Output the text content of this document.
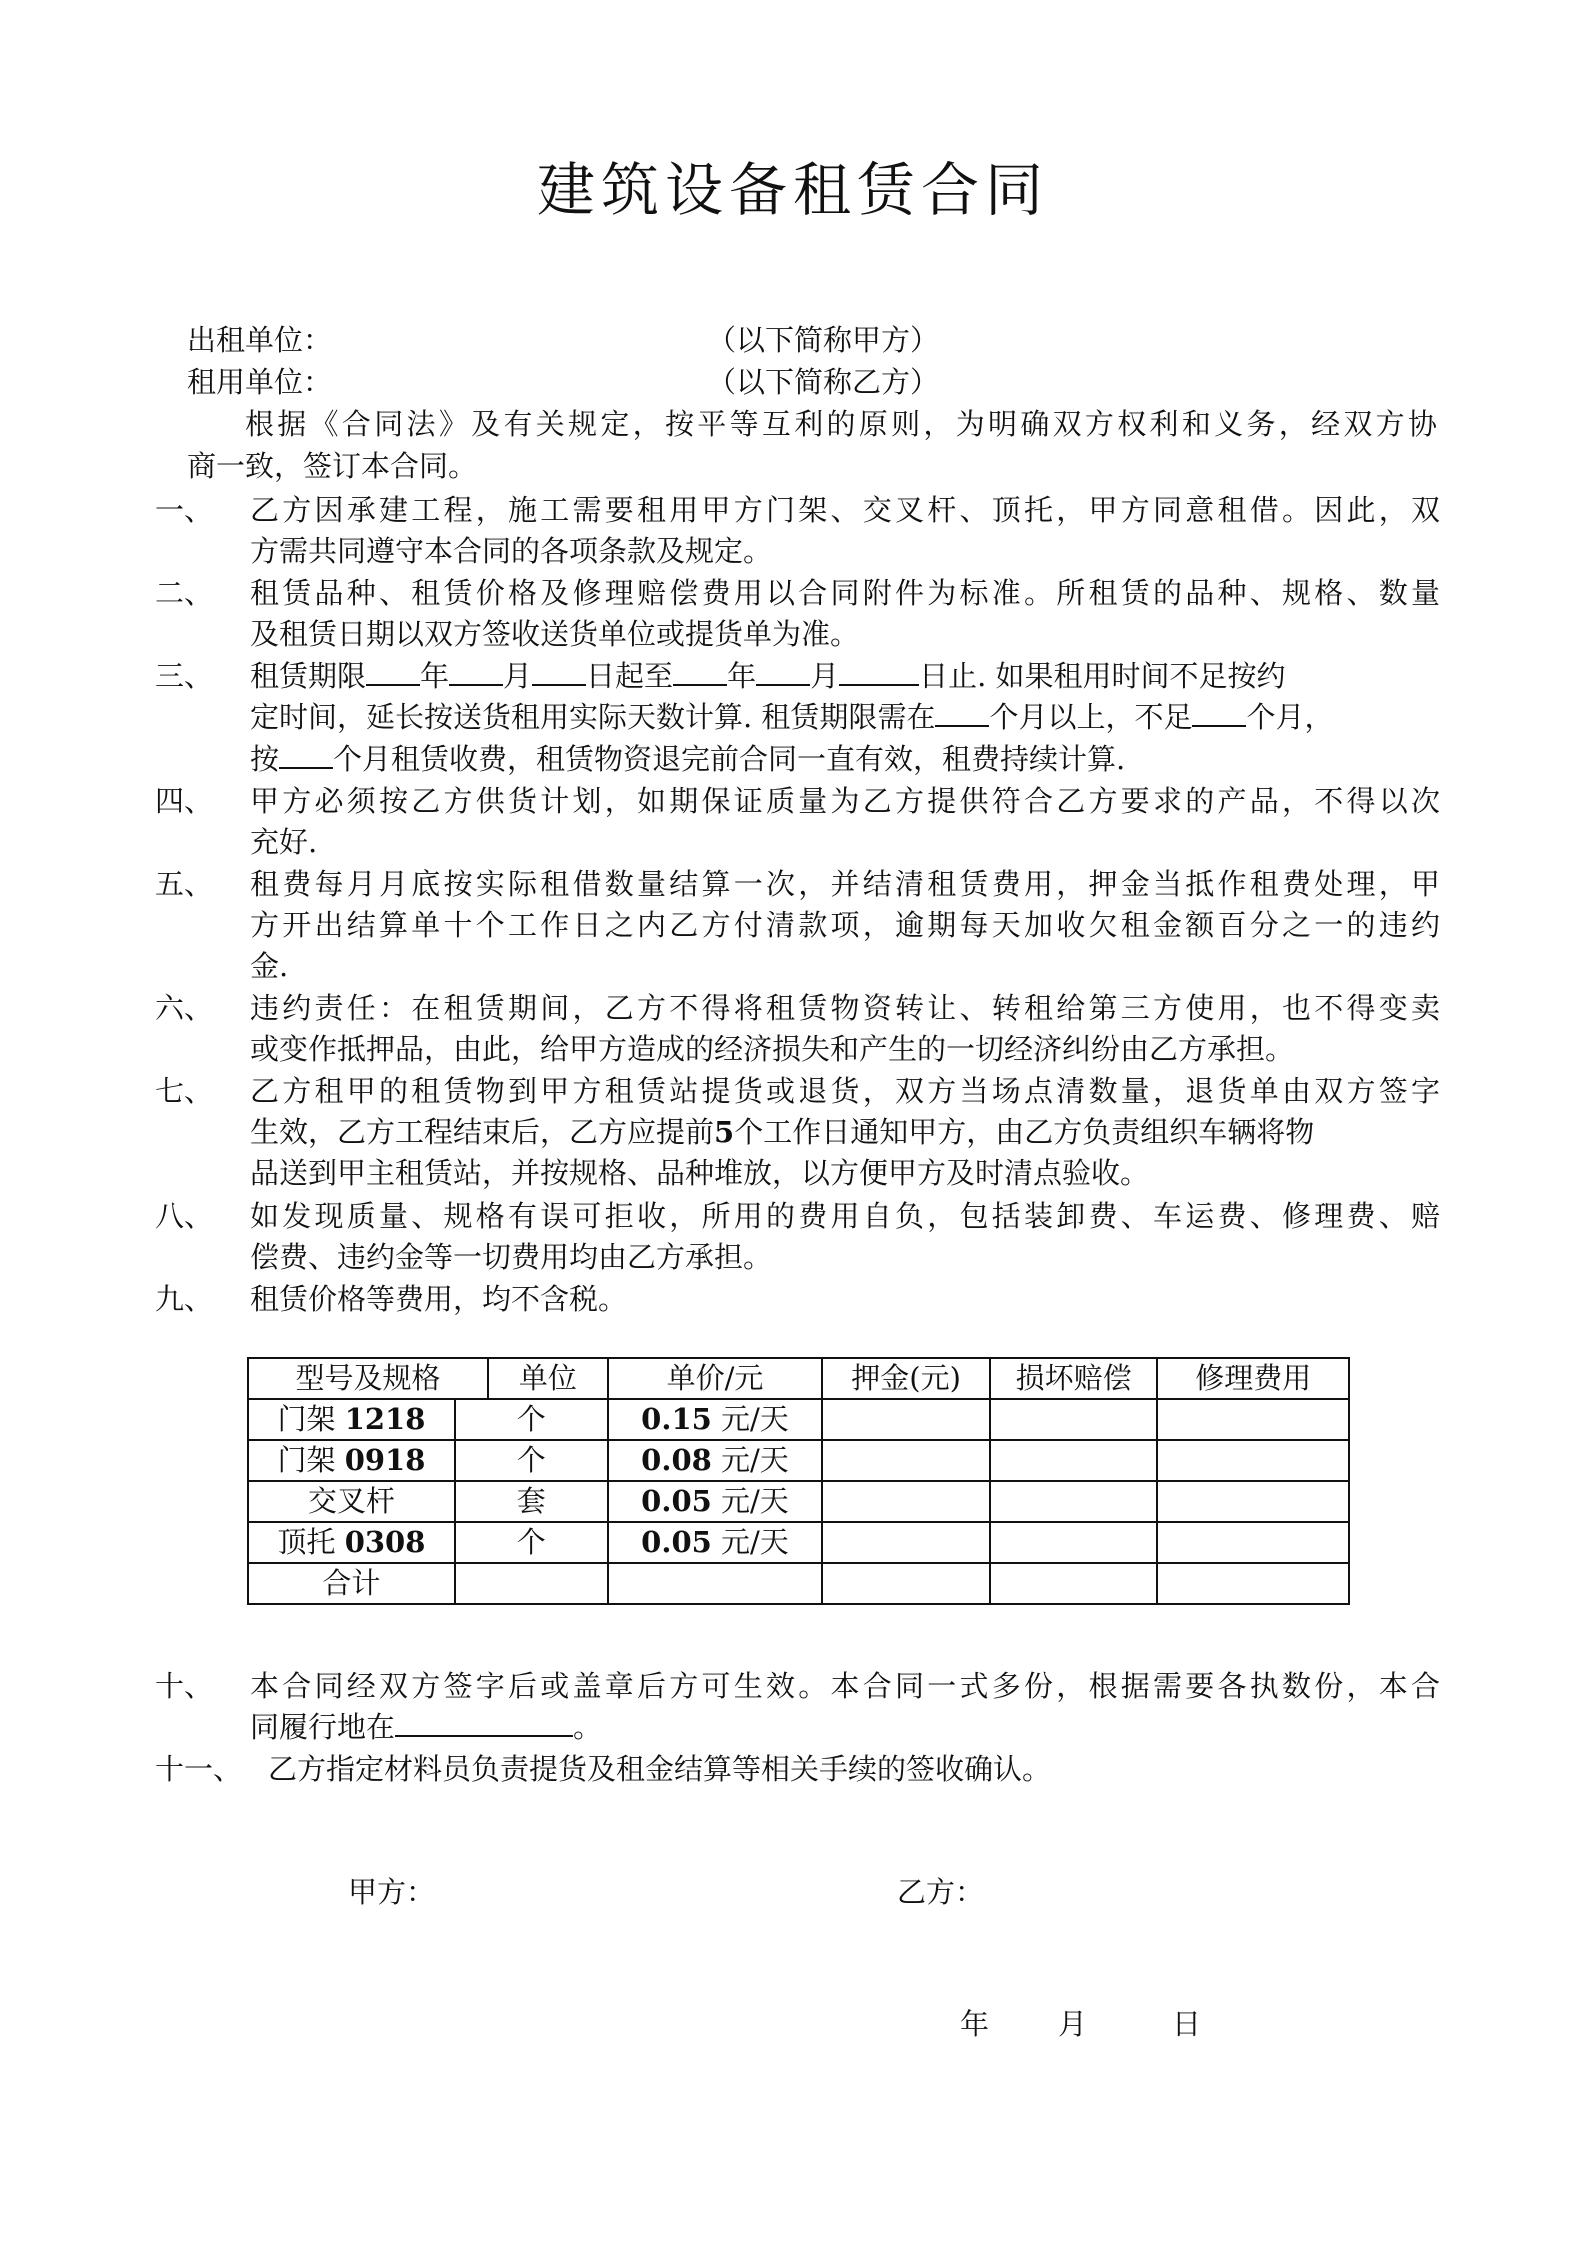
建筑设备租赁合同
出租单位：	（以下简称甲方）
租用单位：	（以下简称乙方）
根据《合同法》及有关规定，按平等互利的原则，为明确双方权利和义务，经双方协
商一致，签订本合同。
一、 乙方因承建工程，施工需要租用甲方门架、交叉杆、顶托，甲方同意租借。因此，双
方需共同遵守本合同的各项条款及规定。
二、 租赁品种、租赁价格及修理赔偿费用以合同附件为标准。所租赁的品种、规格、数量
及租赁日期以双方签收送货单位或提货单为准。
三、 租赁期限 年 月 日起至 年 月	日止. 如果租用时间不足按约
定时间，延长按送货租用实际天数计算. 租赁期限需在 个月以上，不足 个月，
按 个月租赁收费，租赁物资退完前合同一直有效，租费持续计算.
四、 甲方必须按乙方供货计划，如期保证质量为乙方提供符合乙方要求的产品，不得以次
充好.
五、 租费每月月底按实际租借数量结算一次，并结清租赁费用，押金当抵作租费处理，甲
方开出结算单十个工作日之内乙方付清款项，逾期每天加收欠租金额百分之一的违约
金.
六、 违约责任：在租赁期间，乙方不得将租赁物资转让、转租给第三方使用，也不得变卖
或变作抵押品，由此，给甲方造成的经济损失和产生的一切经济纠纷由乙方承担。
七、 乙方租甲的租赁物到甲方租赁站提货或退货，双方当场点清数量，退货单由双方签字
生效，乙方工程结束后，乙方应提前5个工作日通知甲方，由乙方负责组织车辆将物
品送到甲主租赁站，并按规格、品种堆放，以方便甲方及时清点验收。
八、 如发现质量、规格有误可拒收，所用的费用自负，包括装卸费、车运费、修理费、赔
偿费、违约金等一切费用均由乙方承担。
九、 租赁价格等费用，均不含税。
型号及规格 单位		单价/元	押金(元)	损坏赔偿	修理费用
门架 1218	个	0.15 元/天			
门架 0918	个	0.08 元/天			
交叉杆	套	0.05 元/天			
顶托 0308	个	0.05 元/天			
合计					
十、 本合同经双方签字后或盖章后方可生效。本合同一式多份，根据需要各执数份，本合
同履行地在	。
十一、 乙方指定材料员负责提货及租金结算等相关手续的签收确认。
甲方：	乙方：
年 月	日
